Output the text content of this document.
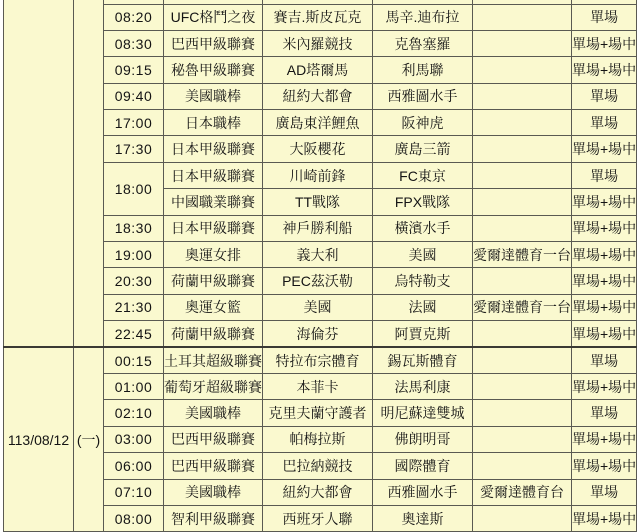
		08:20	UFC格鬥之夜	賽吉.斯皮瓦克	馬辛.迪布拉		單場
		08:30	巴西甲級聯賽	米內羅競技	克魯塞羅		單場+場中
		09:15	秘魯甲級聯賽	AD塔爾馬	利馬聯		單場+場中
		09:40	美國職棒	紐約大都會	西雅圖水手		單場
		17:00	日本職棒	廣島東洋鯉魚	阪神虎		單場
		17:30	日本甲級聯賽	大阪櫻花	廣島三箭		單場+場中
		18:00	日本甲級聯賽	川崎前鋒	FC東京		單場
			中國職業聯賽	TT戰隊	FPX戰隊		單場+場中
		18:30	日本甲級聯賽	神戶勝利船	橫濱水手		單場+場中
		19:00	奧運女排	義大利	美國	愛爾達體育一台	單場+場中
		20:30	荷蘭甲級聯賽	PEC茲沃勒	烏特勒支		單場+場中
		21:30	奧運女籃	美國	法國	愛爾達體育一台	單場+場中
		22:45	荷蘭甲級聯賽	海倫芬	阿賈克斯		單場+場中
113/08/12	(一)	00:15	土耳其超級聯賽	特拉布宗體育	錫瓦斯體育		單場
		01:00	葡萄牙超級聯賽	本菲卡	法馬利康		單場+場中
		02:10	美國職棒	克里夫蘭守護者	明尼蘇達雙城		單場
		03:00	巴西甲級聯賽	帕梅拉斯	佛朗明哥		單場+場中
		06:00	巴西甲級聯賽	巴拉納競技	國際體育		單場+場中
		07:10	美國職棒	紐約大都會	西雅圖水手	愛爾達體育台	單場
		08:00	智利甲級聯賽	西班牙人聯	奧達斯		單場+場中
